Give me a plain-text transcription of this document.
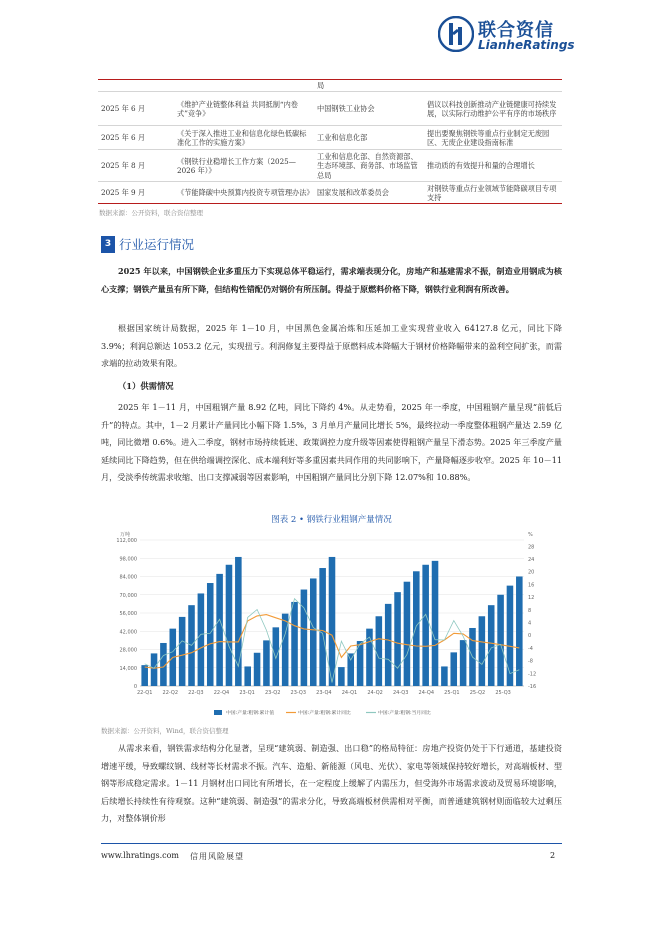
联合资信
LianheRatings
		局	
2025 年 6 月	《维护产业链整体利益 共同抵制“内卷式”竞争》	中国钢铁工业协会	倡议以科技创新推动产业链健康可持续发展，以实际行动维护公平有序的市场秩序
2025 年 6 月	《关于深入推进工业和信息化绿色低碳标准化工作的实施方案》	工业和信息化部	提出要聚焦钢铁等重点行业制定无废园区、无废企业建设指南标准
2025 年 8 月	《钢铁行业稳增长工作方案（2025—2026 年）》	工业和信息化部、自然资源部、生态环境部、商务部、市场监管总局	推动质的有效提升和量的合理增长
2025 年 9 月	《节能降碳中央预算内投资专项管理办法》	国家发展和改革委员会	对钢铁等重点行业领域节能降碳项目专项支持
数据来源：公开资料，联合资信整理
3 行业运行情况

2025 年以来，中国钢铁企业多重压力下实现总体平稳运行，需求端表现分化，房地产和基建需求不振，制造业用钢成为核心支撑；钢铁产量虽有所下降，但结构性错配仍对钢价有所压制。得益于原燃料价格下降，钢铁行业利润有所改善。

根据国家统计局数据，2025 年 1－10 月，中国黑色金属冶炼和压延加工业实现营业收入 64127.8 亿元，同比下降 3.9%；利润总额达 1053.2 亿元，实现扭亏。利润修复主要得益于原燃料成本降幅大于钢材价格降幅带来的盈利空间扩张，而需求端的拉动效果有限。

（1）供需情况

2025 年 1－11 月，中国粗钢产量 8.92 亿吨，同比下降约 4%。从走势看，2025 年一季度，中国粗钢产量呈现“前低后升”的特点。其中，1－2 月累计产量同比小幅下降 1.5%，3 月单月产量同比增长 5%，最终拉动一季度整体粗钢产量达 2.59 亿吨，同比微增 0.6%。进入二季度，钢材市场持续低迷、政策调控力度升级等因素使得粗钢产量呈下滑态势。2025 年三季度产量延续同比下降趋势，但在供给端调控深化、成本端利好等多重因素共同作用的共同影响下，产量降幅逐步收窄。2025 年 10－11 月，受淡季传统需求收缩、出口支撑减弱等因素影响，中国粗钢产量同比分别下降 12.07%和 10.88%。

图表 2 • 钢铁行业粗钢产量情况
0
14,000
28,000
42,000
56,000
70,000
84,000
98,000
112,000
-16
-12
-8
-4
0
4
8
12
16
20
24
28
万吨	%
22-Q1 22-Q2 22-Q3 22-Q4 23-Q1 23-Q2 23-Q3 23-Q4 24-Q1 24-Q2 24-Q3 24-Q4 25-Q1 25-Q2 25-Q3
中国:产量:粗钢:累计值	中国:产量:粗钢:累计同比	中国:产量:粗钢:当月同比
数据来源：公开资料，Wind，联合资信整理

从需求来看，钢铁需求结构分化显著，呈现“建筑弱、制造强、出口稳”的格局特征：房地产投资仍处于下行通道，基建投资增速平缓，导致螺纹钢、线材等长材需求不振。汽车、造船、新能源（风电、光伏）、家电等领域保持较好增长，对高端板材、型钢等形成稳定需求。1－11 月钢材出口同比有所增长，在一定程度上缓解了内需压力，但受海外市场需求波动及贸易环境影响，后续增长持续性有待观察。这种“建筑弱、制造强”的需求分化，导致高端板材供需相对平衡，而普通建筑钢材则面临较大过剩压力，对整体钢价形

www.lhratings.com 信用风险展望	2
